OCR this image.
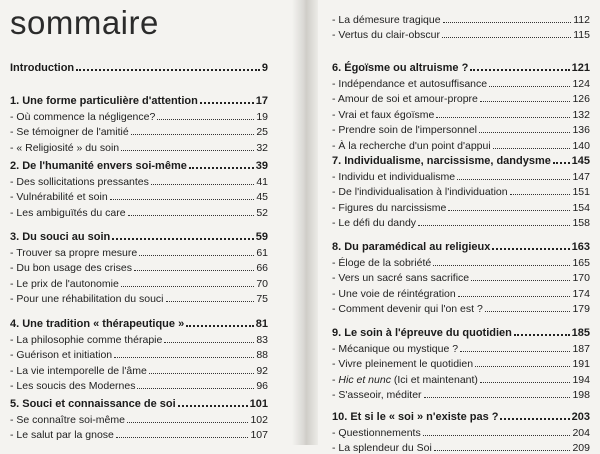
sommaire
Introduction	9
1. Une forme particulière d'attention	17
- Où commence la négligence?	19
- Se témoigner de l'amitié	25
- « Religiosité » du soin	32
2. De l'humanité envers soi-même	39
- Des sollicitations pressantes	41
- Vulnérabilité et soin	45
- Les ambiguïtés du care	52
3. Du souci au soin	59
- Trouver sa propre mesure	61
- Du bon usage des crises	66
- Le prix de l'autonomie	70
- Pour une réhabilitation du souci	75
4. Une tradition « thérapeutique »	81
- La philosophie comme thérapie	83
- Guérison et initiation	88
- La vie intemporelle de l'âme	92
- Les soucis des Modernes	96
5. Souci et connaissance de soi	101
- Se connaître soi-même	102
- Le salut par la gnose	107
- La démesure tragique	112
- Vertus du clair-obscur	115
6. Égoïsme ou altruisme ?	121
- Indépendance et autosuffisance	124
- Amour de soi et amour-propre	126
- Vrai et faux égoïsme	132
- Prendre soin de l'impersonnel	136
- À la recherche d'un point d'appui	140
7. Individualisme, narcissisme, dandysme 145
- Individu et individualisme	147
- De l'individualisation à l'individuation	151
- Figures du narcissisme	154
- Le défi du dandy	158
8. Du paramédical au religieux	163
- Éloge de la sobriété	165
- Vers un sacré sans sacrifice	170
- Une voie de réintégration	174
- Comment devenir qui l'on est ?	179
9. Le soin à l'épreuve du quotidien	185
- Mécanique ou mystique ?	187
- Vivre pleinement le quotidien	191
- Hic et nunc (Ici et maintenant)	194
- S'asseoir, méditer	198
10. Et si le « soi » n'existe pas ?	203
- Questionnements	204
- La splendeur du Soi	209
